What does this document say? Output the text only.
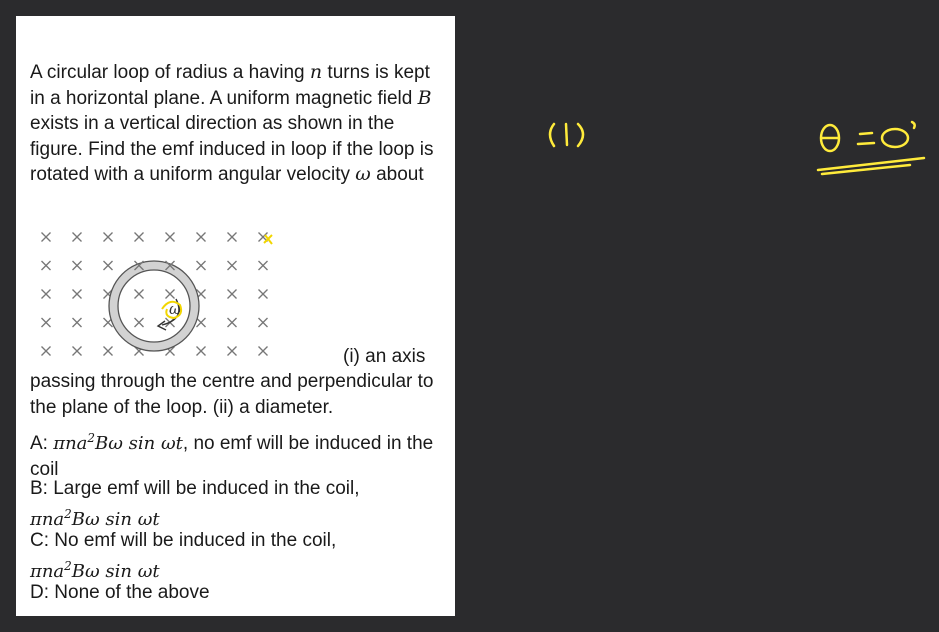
A circular loop of radius a having n turns is kept in a horizontal plane. A uniform magnetic field B exists in a vertical direction as shown in the figure. Find the emf induced in loop if the loop is rotated with a uniform angular velocity ω about
ω
(i) an axis
passing through the centre and perpendicular to the plane of the loop. (ii) a diameter.
A: πna$^2$Bω sin ωt, no emf will be induced in the coil
B: Large emf will be induced in the coil,
πna$^2$Bω sin ωt
C: No emf will be induced in the coil,
πna$^2$Bω sin ωt
D: None of the above
(1)
θ = 0°
